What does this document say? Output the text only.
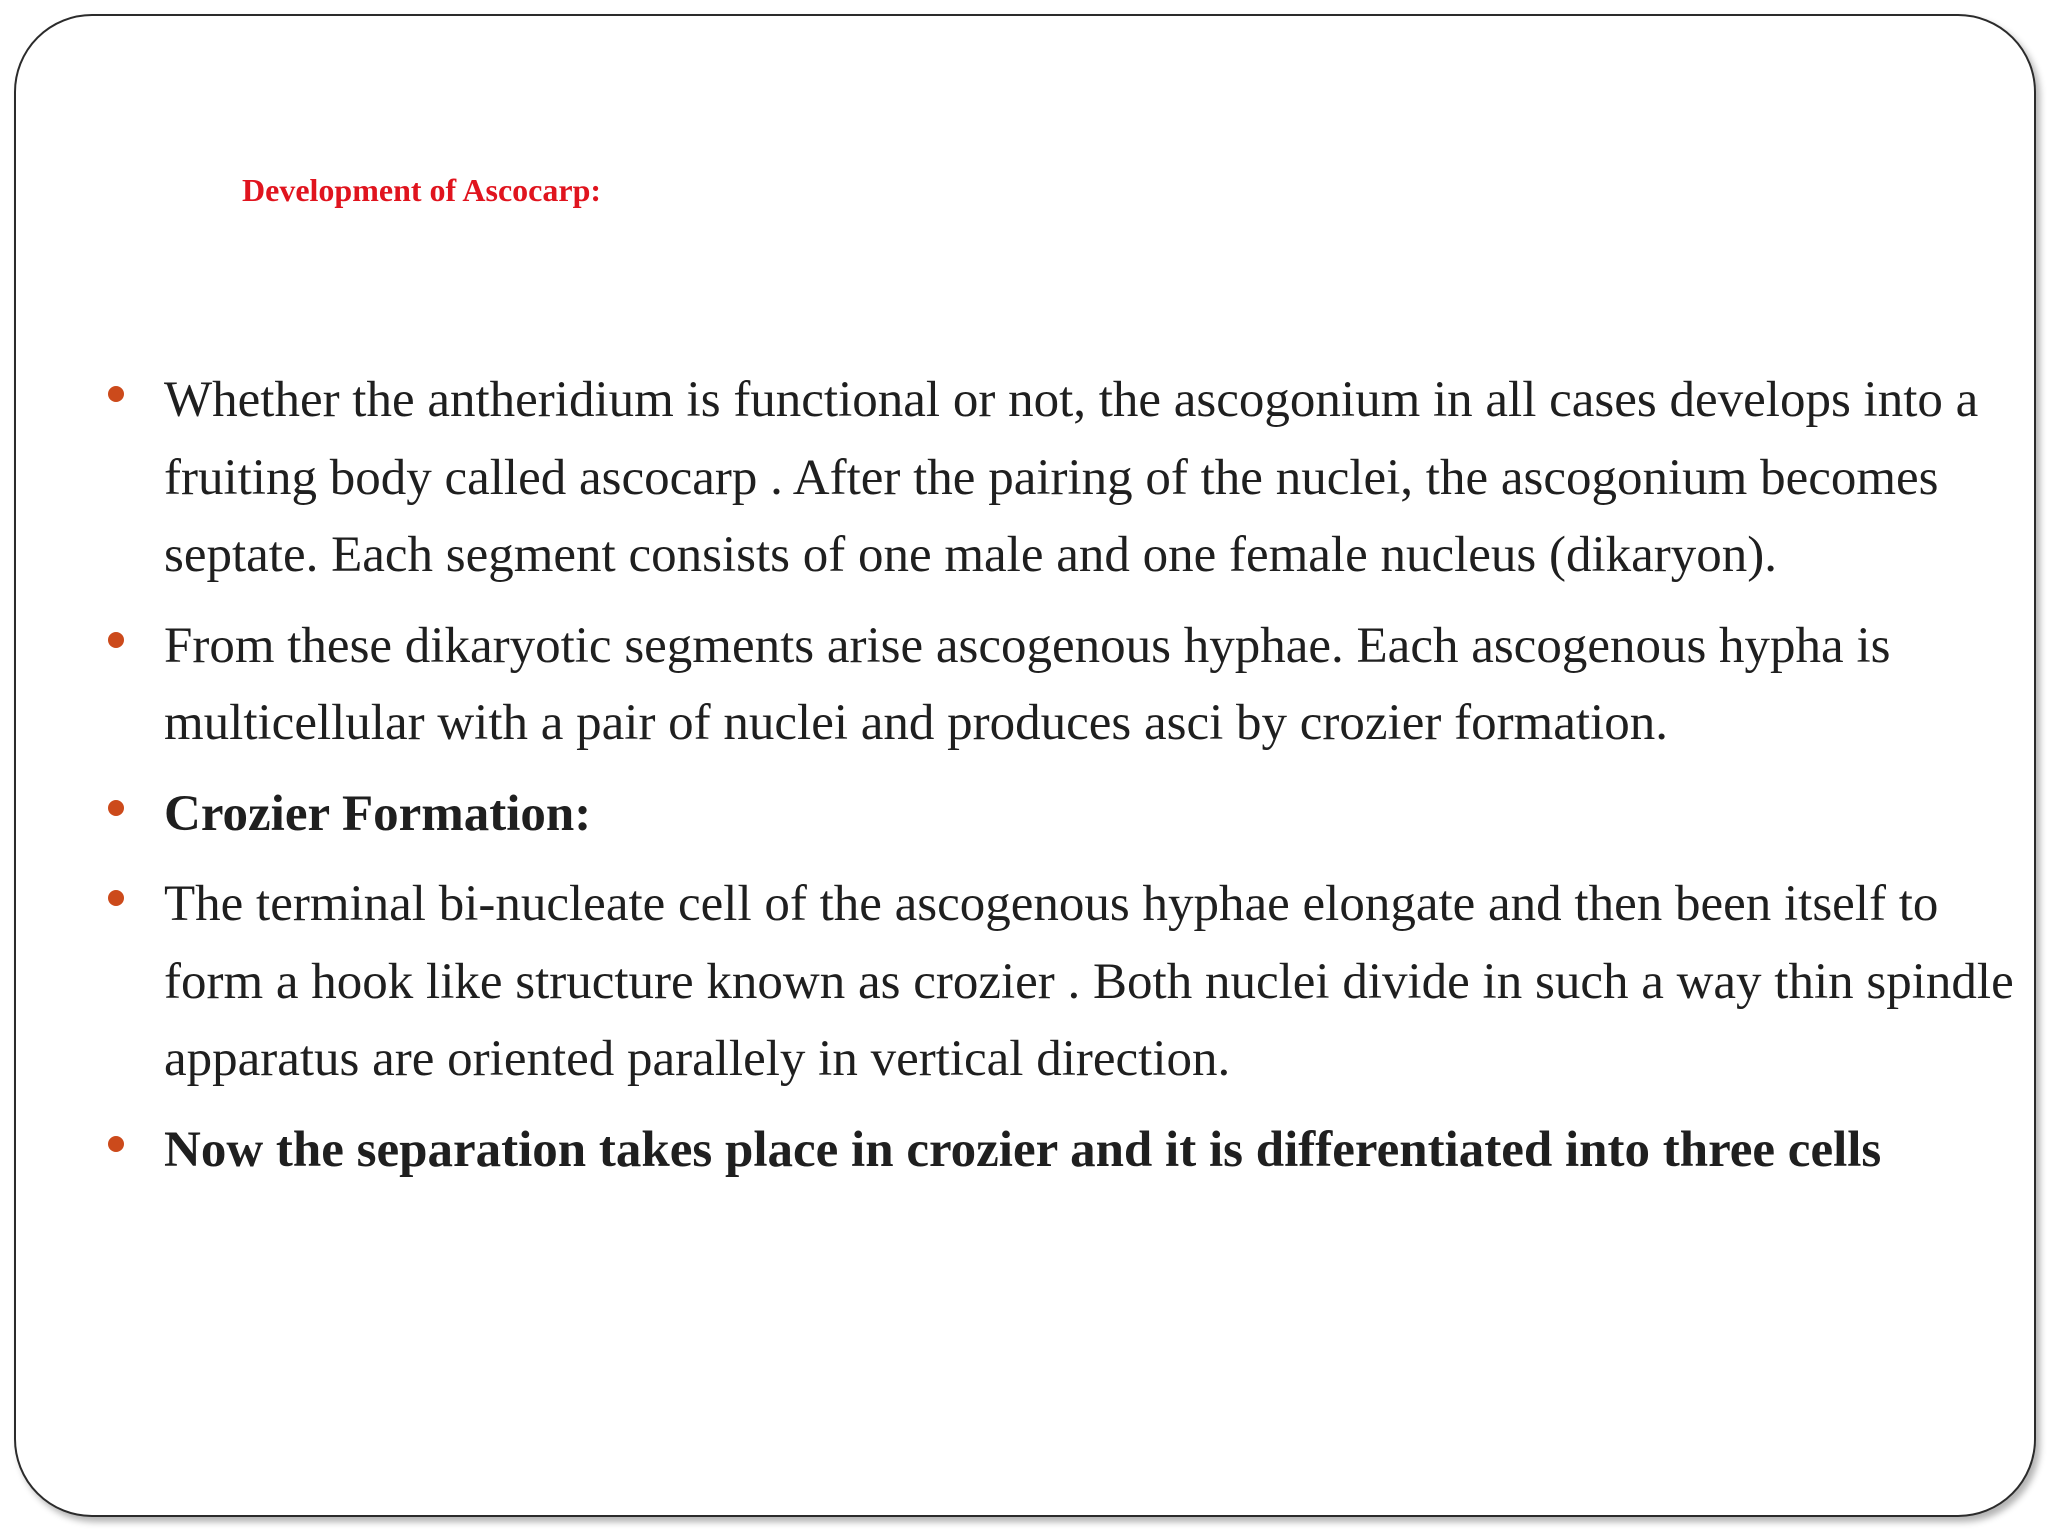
Development of Ascocarp:
Whether the antheridium is functional or not, the ascogonium in all cases develops into a fruiting body called ascocarp . After the pairing of the nuclei, the ascogonium becomes septate. Each segment consists of one male and one female nucleus (dikaryon).
From these dikaryotic segments arise ascogenous hyphae. Each ascogenous hypha is multicellular with a pair of nuclei and produces asci by crozier formation.
Crozier Formation:
The terminal bi-nucleate cell of the ascogenous hyphae elongate and then been itself to form a hook like structure known as crozier . Both nuclei divide in such a way thin spindle apparatus are oriented parallely in vertical direction.
Now the separation takes place in crozier and it is differentiated into three cells
